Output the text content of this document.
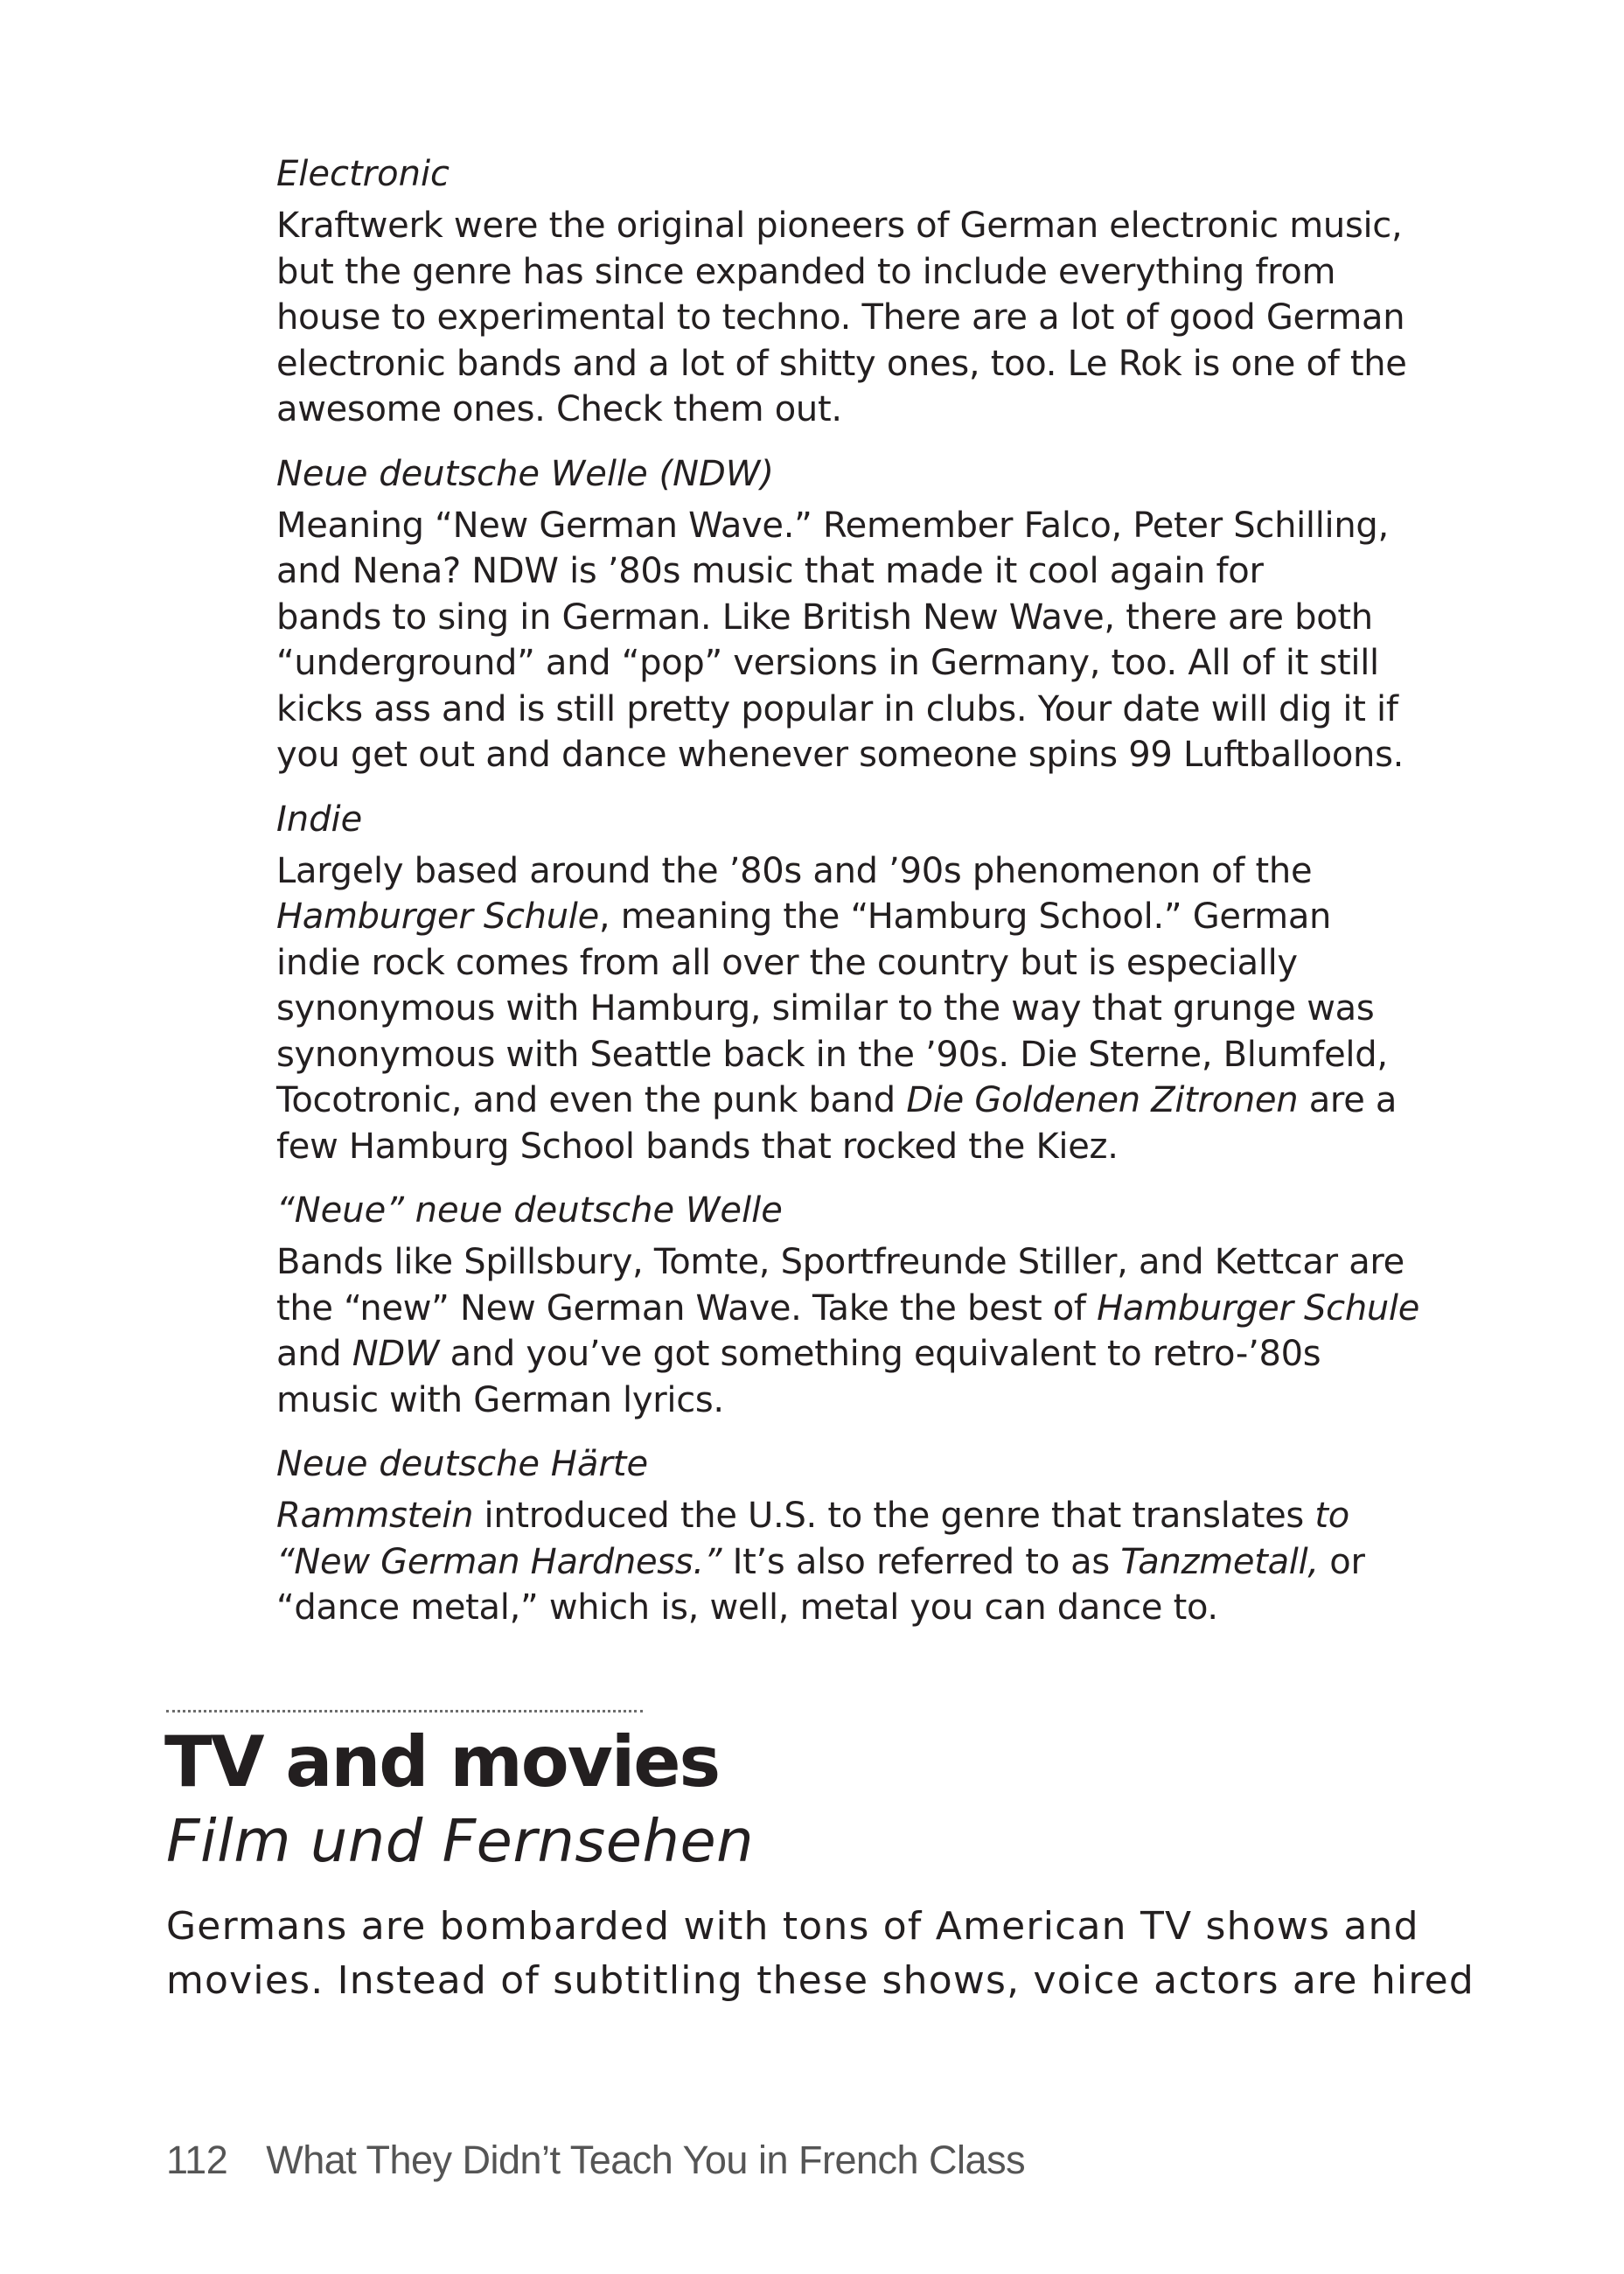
Electronic
Kraftwerk were the original pioneers of German electronic music,
but the genre has since expanded to include everything from
house to experimental to techno. There are a lot of good German
electronic bands and a lot of shitty ones, too. Le Rok is one of the
awesome ones. Check them out.
Neue deutsche Welle (NDW)
Meaning “New German Wave.” Remember Falco, Peter Schilling,
and Nena? NDW is ’80s music that made it cool again for
bands to sing in German. Like British New Wave, there are both
“underground” and “pop” versions in Germany, too. All of it still
kicks ass and is still pretty popular in clubs. Your date will dig it if
you get out and dance whenever someone spins 99 Luftballoons.
Indie
Largely based around the ’80s and ’90s phenomenon of the
Hamburger Schule, meaning the “Hamburg School.” German
indie rock comes from all over the country but is especially
synonymous with Hamburg, similar to the way that grunge was
synonymous with Seattle back in the ’90s. Die Sterne, Blumfeld,
Tocotronic, and even the punk band Die Goldenen Zitronen are a
few Hamburg School bands that rocked the Kiez.
“Neue” neue deutsche Welle
Bands like Spillsbury, Tomte, Sportfreunde Stiller, and Kettcar are
the “new” New German Wave. Take the best of Hamburger Schule
and NDW and you’ve got something equivalent to retro-’80s
music with German lyrics.
Neue deutsche Härte
Rammstein introduced the U.S. to the genre that translates to
“New German Hardness.” It’s also referred to as Tanzmetall, or
“dance metal,” which is, well, metal you can dance to.
TV and movies
Film und Fernsehen
Germans are bombarded with tons of American TV shows and
movies. Instead of subtitling these shows, voice actors are hired
112 What They Didn’t Teach You in French Class
